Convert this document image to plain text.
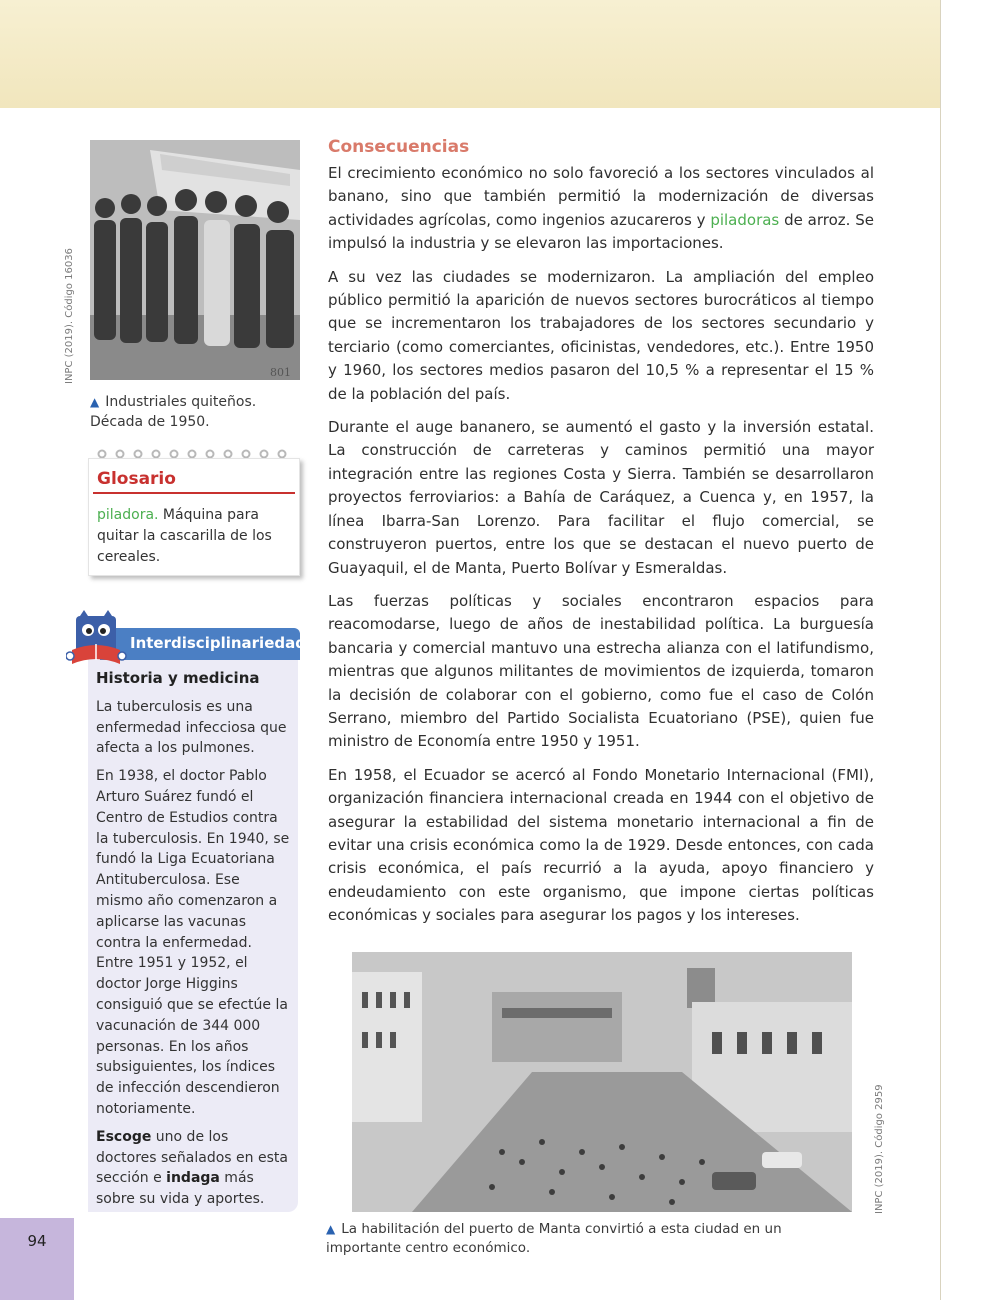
801
INPC (2019). Código 16036
▲ Industriales quiteños. Década de 1950.
Glosario
piladora. Máquina para quitar la cascarilla de los cereales.
Interdisciplinariedad
Historia y medicina

La tuberculosis es una enfermedad infecciosa que afecta a los pulmones.

En 1938, el doctor Pablo Arturo Suárez fundó el Centro de Estudios contra la tuberculosis. En 1940, se fundó la Liga Ecuatoriana Antituberculosa. Ese mismo año comenzaron a aplicarse las vacunas contra la enfermedad. Entre 1951 y 1952, el doctor Jorge Higgins consiguió que se efectúe la vacunación de 344 000 personas. En los años subsiguientes, los índices de infección descendieron notoriamente.

Escoge uno de los doctores señalados en esta sección e indaga más sobre su vida y aportes.

94
Consecuencias

El crecimiento económico no solo favoreció a los sectores vinculados al banano, sino que también permitió la modernización de diversas actividades agrícolas, como ingenios azucareros y piladoras de arroz. Se impulsó la industria y se elevaron las importaciones.

A su vez las ciudades se modernizaron. La ampliación del empleo público permitió la aparición de nuevos sectores burocráticos al tiempo que se incrementaron los trabajadores de los sectores secundario y terciario (como comerciantes, oficinistas, vendedores, etc.). Entre 1950 y 1960, los sectores medios pasaron del 10,5 % a representar el 15 % de la población del país.

Durante el auge bananero, se aumentó el gasto y la inversión estatal. La construcción de carreteras y caminos permitió una mayor integración entre las regiones Costa y Sierra. También se desarrollaron proyectos ferroviarios: a Bahía de Caráquez, a Cuenca y, en 1957, la línea Ibarra-San Lorenzo. Para facilitar el flujo comercial, se construyeron puertos, entre los que se destacan el nuevo puerto de Guayaquil, el de Manta, Puerto Bolívar y Esmeraldas.

Las fuerzas políticas y sociales encontraron espacios para reacomodarse, luego de años de inestabilidad política. La burguesía bancaria y comercial mantuvo una estrecha alianza con el latifundismo, mientras que algunos militantes de movimientos de izquierda, tomaron la decisión de colaborar con el gobierno, como fue el caso de Colón Serrano, miembro del Partido Socialista Ecuatoriano (PSE), quien fue ministro de Economía entre 1950 y 1951.

En 1958, el Ecuador se acercó al Fondo Monetario Internacional (FMI), organización financiera internacional creada en 1944 con el objetivo de asegurar la estabilidad del sistema monetario internacional a fin de evitar una crisis económica como la de 1929. Desde entonces, con cada crisis económica, el país recurrió a la ayuda, apoyo financiero y endeudamiento con este organismo, que impone ciertas políticas económicas y sociales para asegurar los pagos y los intereses.

INPC (2019). Código 2959
▲ La habilitación del puerto de Manta convirtió a esta ciudad en un importante centro económico.
